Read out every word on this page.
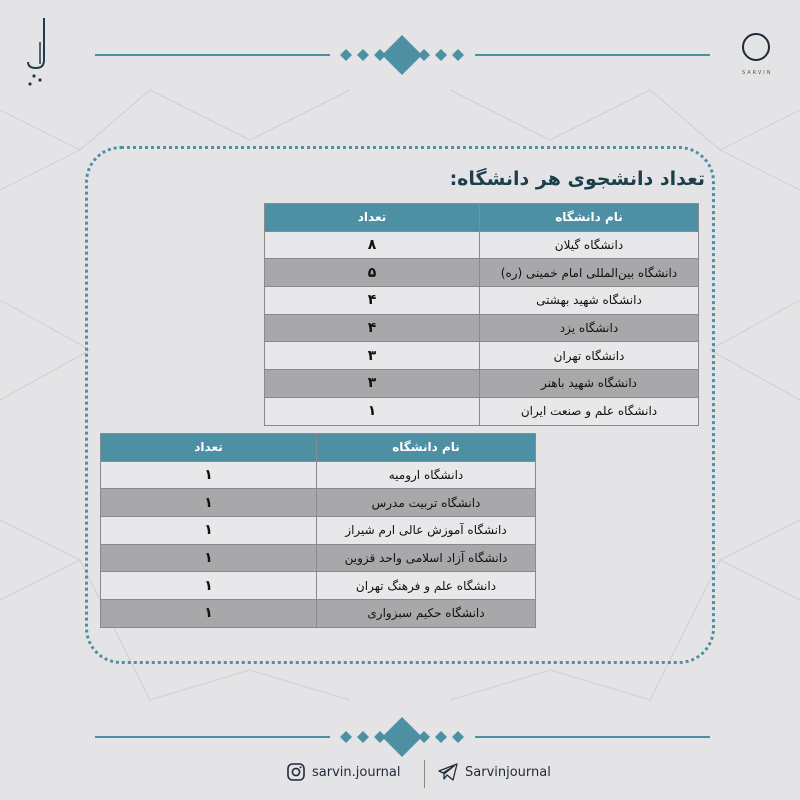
SARVIN
تعداد دانشجوی هر دانشگاه:
نام دانشگاه	تعداد
دانشگاه گیلان	۸
دانشگاه بین‌المللی امام خمینی (ره)	۵
دانشگاه شهید بهشتی	۴
دانشگاه یزد	۴
دانشگاه تهران	۳
دانشگاه شهید باهنر	۳
دانشگاه علم و صنعت ایران	۱
نام دانشگاه	تعداد
دانشگاه ارومیه	۱
دانشگاه تربیت مدرس	۱
دانشگاه آموزش عالی ارم شیراز	۱
دانشگاه آزاد اسلامی واحد قزوین	۱
دانشگاه علم و فرهنگ تهران	۱
دانشگاه حکیم سبزواری	۱
sarvin.journal	Sarvinjournal
